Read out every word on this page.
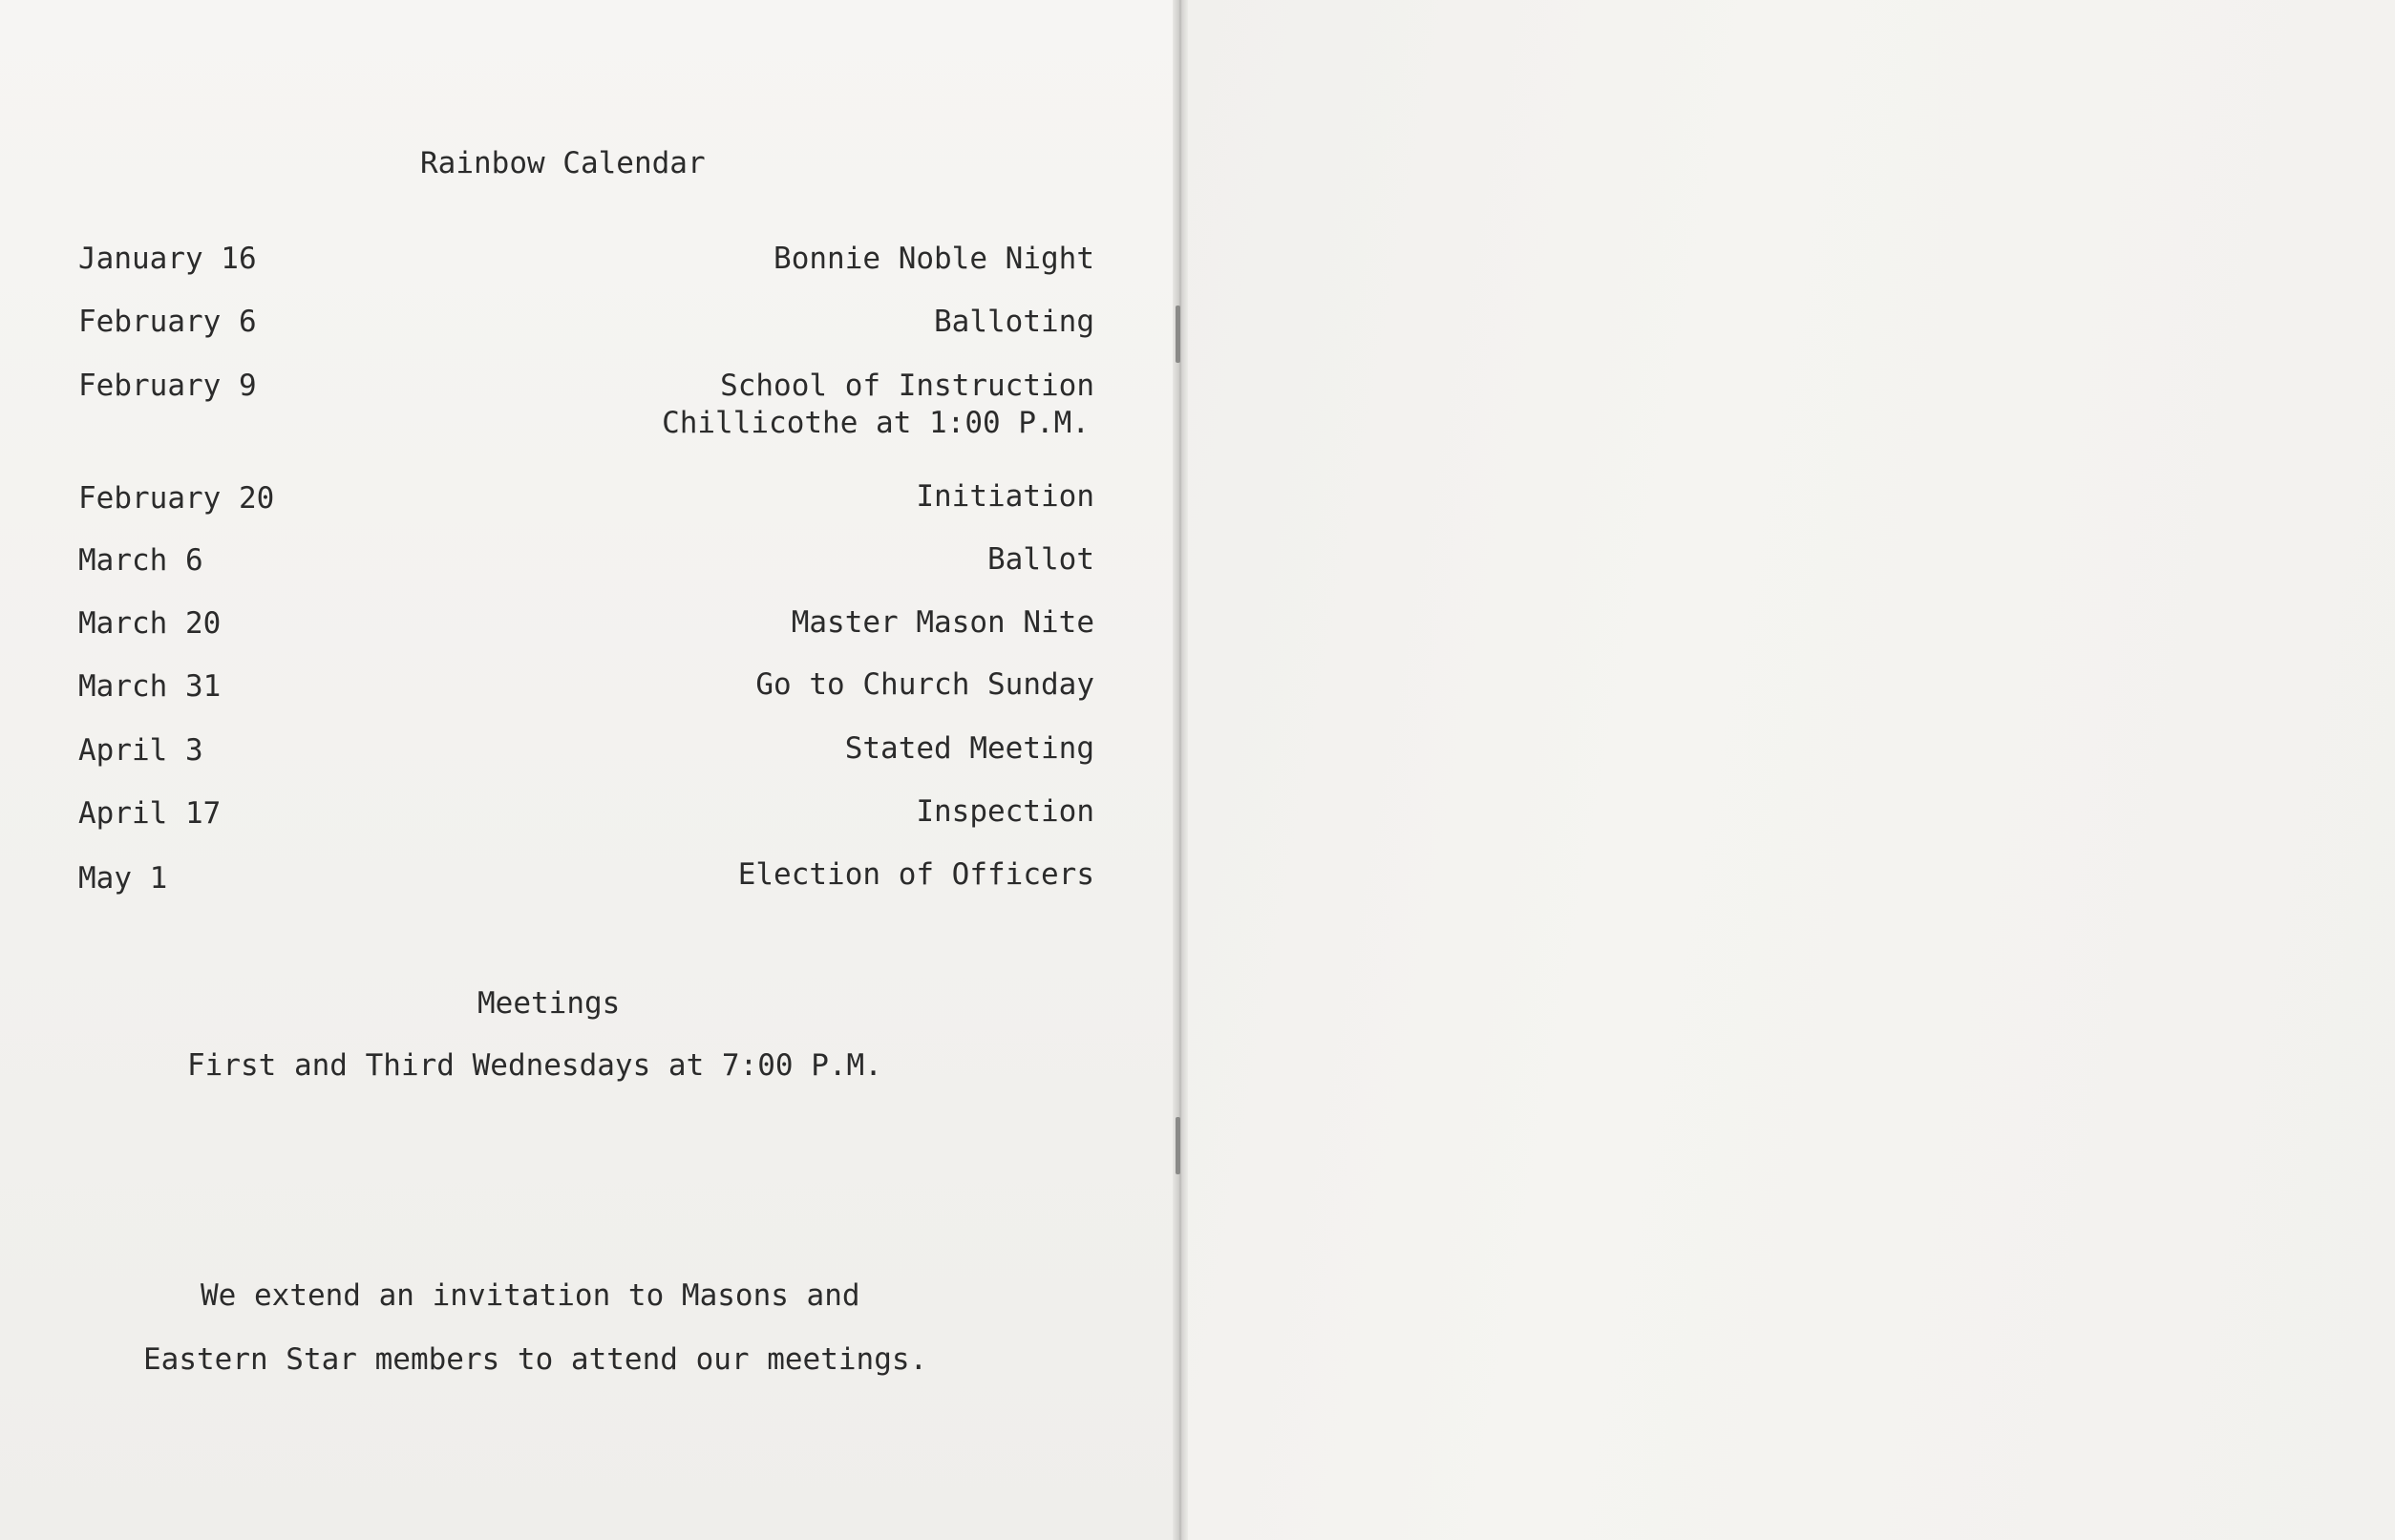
Rainbow Calendar
January 16	Bonnie Noble Night
February 6	Balloting
February 9	School of Instruction
Chillicothe at 1:00 P.M.
February 20	Initiation
March 6	Ballot
March 20	Master Mason Nite
March 31	Go to Church Sunday
April 3	Stated Meeting
April 17	Inspection
May 1	Election of Officers
Meetings
First and Third Wednesdays at 7:00 P.M.
We extend an invitation to Masons and
Eastern Star members to attend our meetings.
